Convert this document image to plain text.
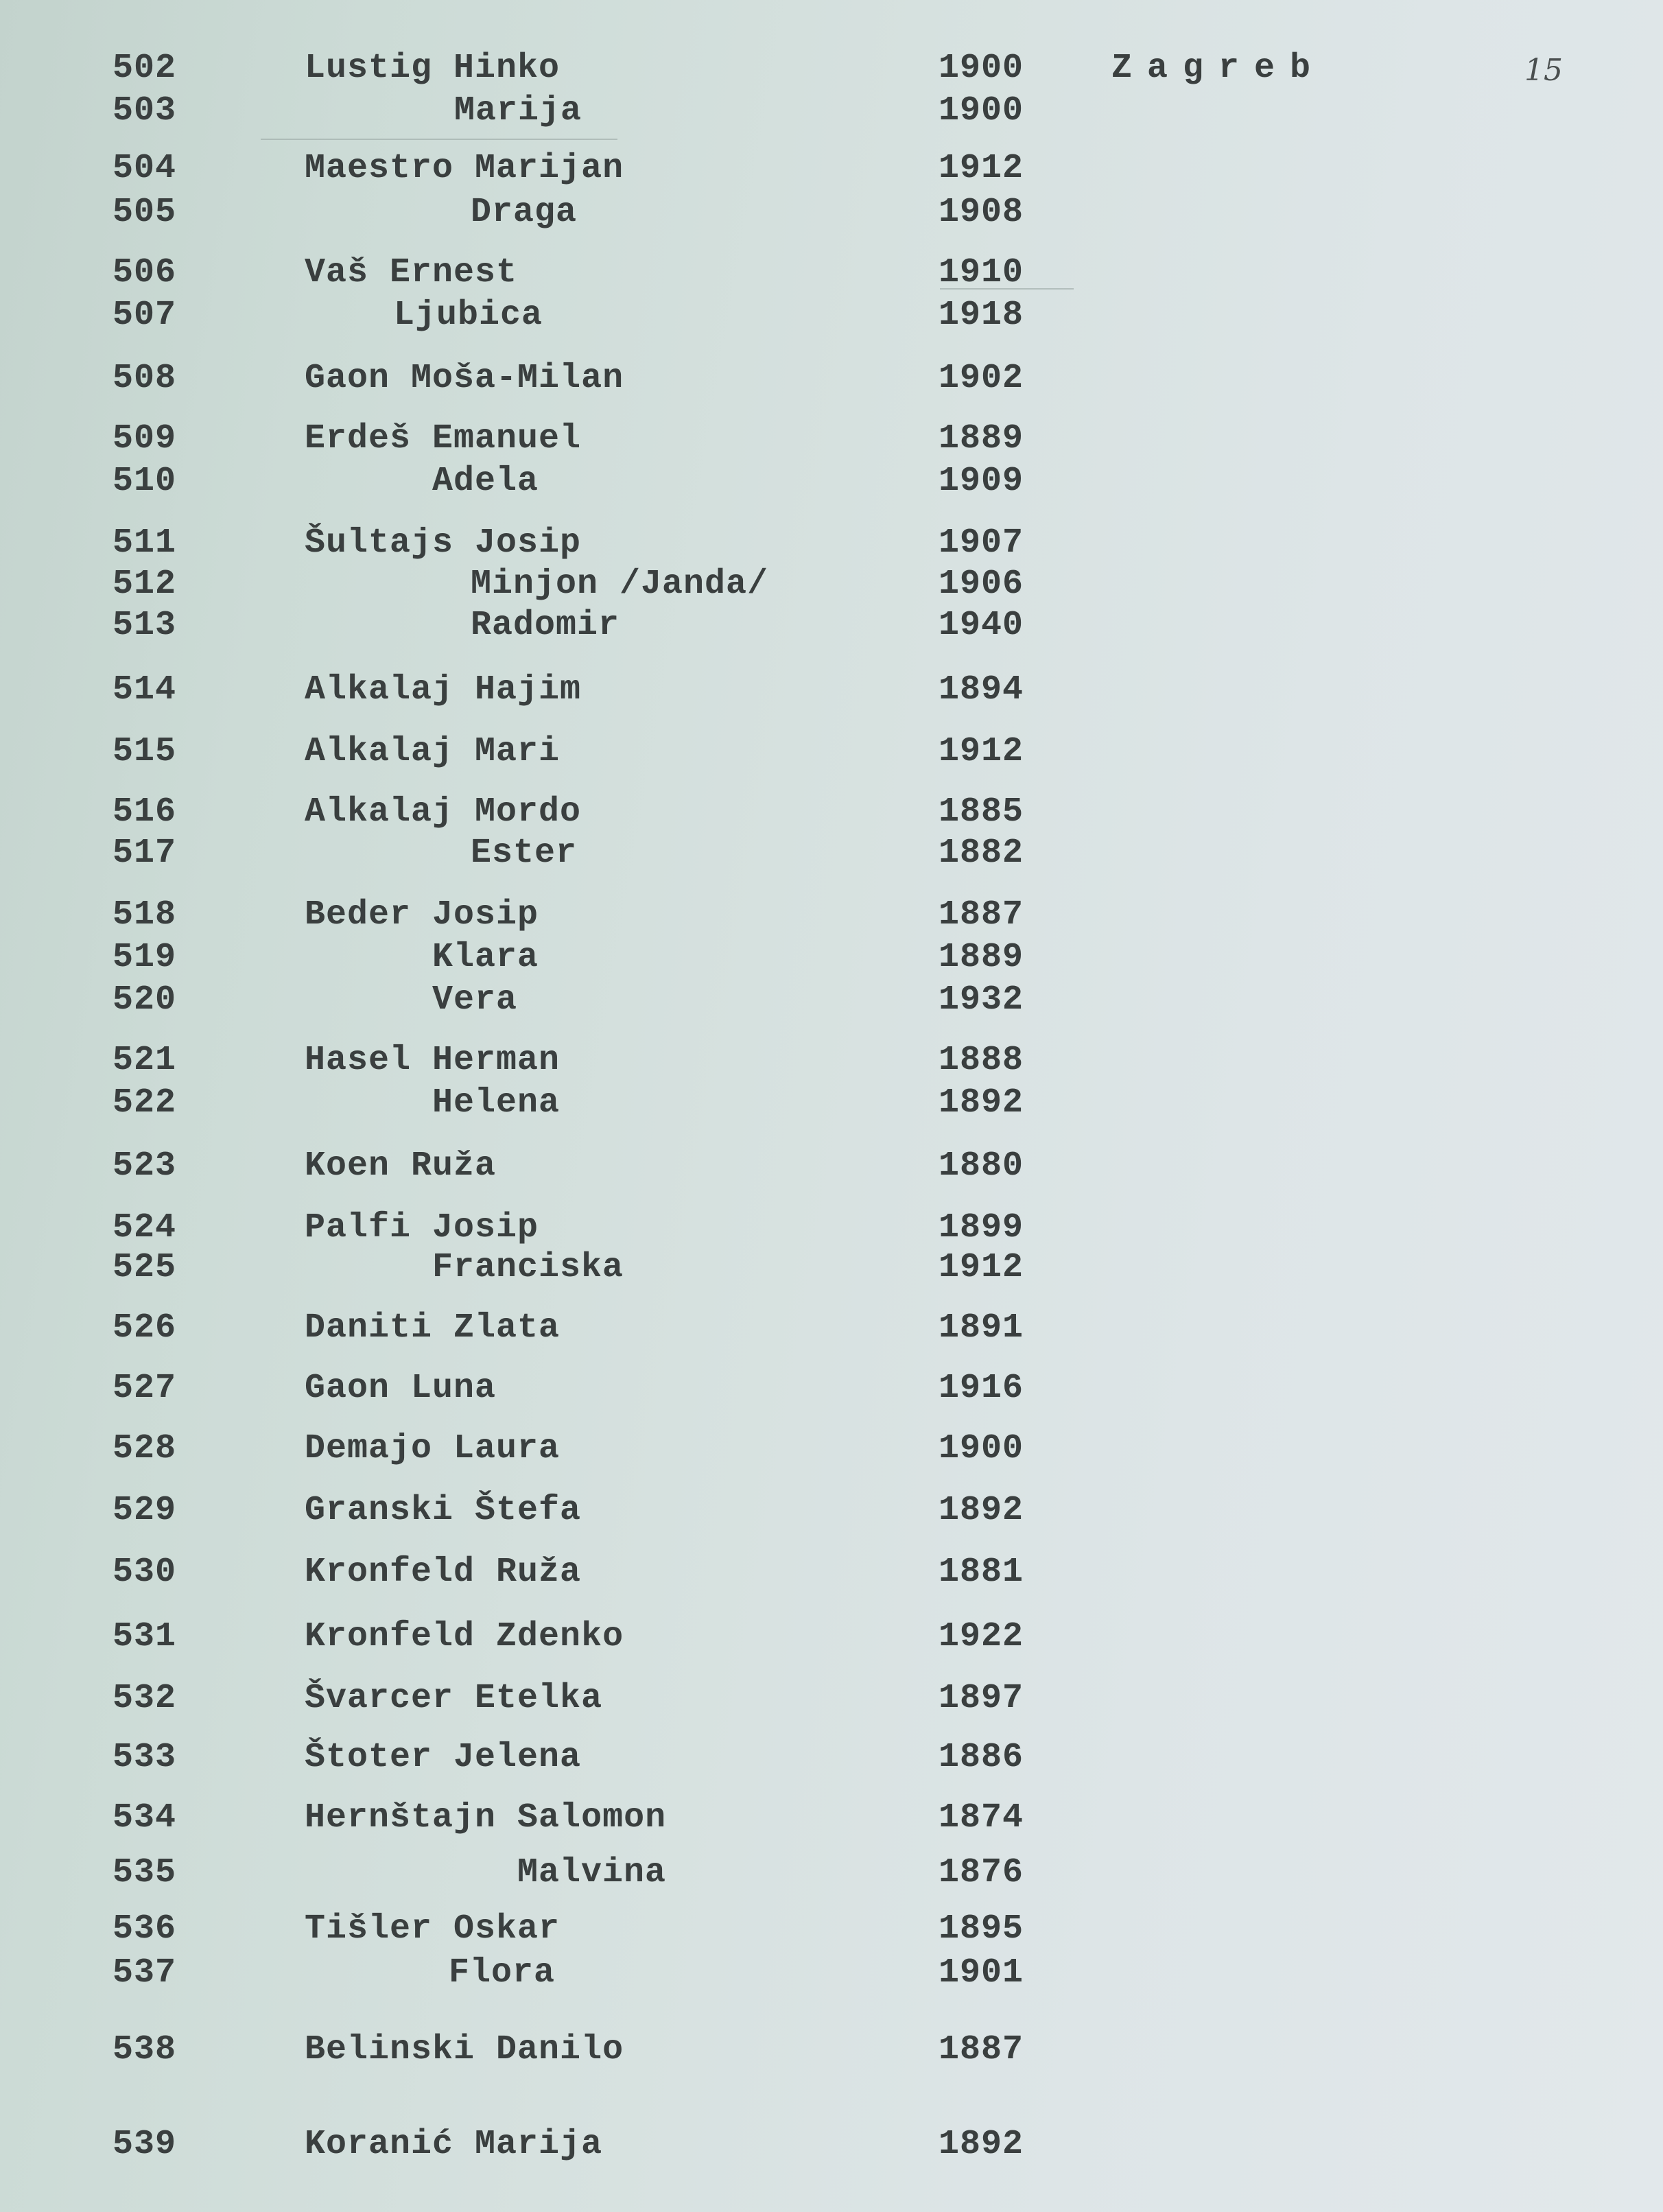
Zagreb	15
502	Lustig Hinko	1900
503	Marija	1900
504	Maestro Marijan	1912
505	Draga	1908
506	Vaš Ernest	1910
507	Ljubica	1918
508	Gaon Moša-Milan	1902
509	Erdeš Emanuel	1889
510	Adela	1909
511	Šultajs Josip	1907
512	Minjon /Janda/	1906
513	Radomir	1940
514	Alkalaj Hajim	1894
515	Alkalaj Mari	1912
516	Alkalaj Mordo	1885
517	Ester	1882
518	Beder Josip	1887
519	Klara	1889
520	Vera	1932
521	Hasel Herman	1888
522	Helena	1892
523	Koen Ruža	1880
524	Palfi Josip	1899
525	Franciska	1912
526	Daniti Zlata	1891
527	Gaon Luna	1916
528	Demajo Laura	1900
529	Granski Štefa	1892
530	Kronfeld Ruža	1881
531	Kronfeld Zdenko	1922
532	Švarcer Etelka	1897
533	Štoter Jelena	1886
534	Hernštajn Salomon	1874
535	Malvina	1876
536	Tišler Oskar	1895
537	Flora	1901
538	Belinski Danilo	1887
539	Koranić Marija	1892
